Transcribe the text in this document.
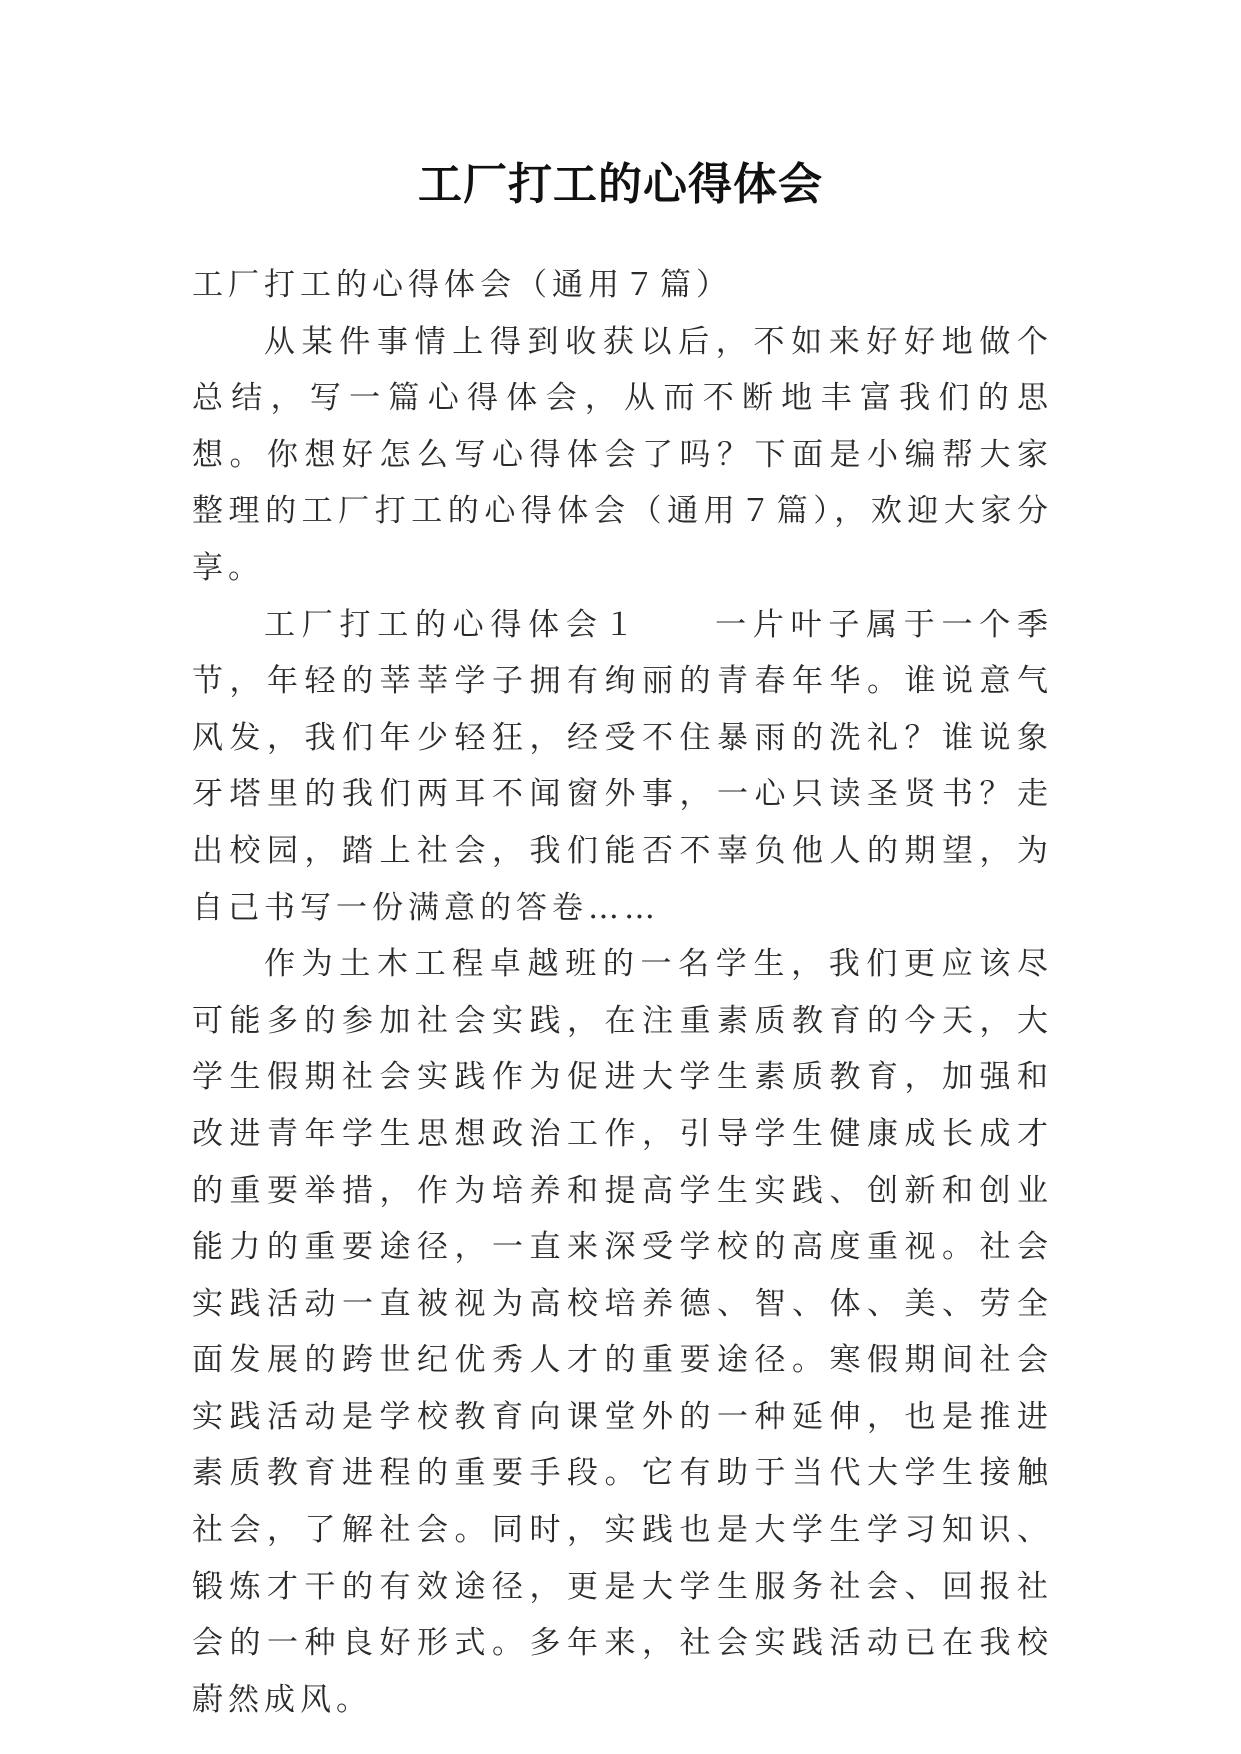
工厂打工的心得体会

工厂打工的心得体会（通用７篇）

从某件事情上得到收获以后，不如来好好地做个总结，写一篇心得体会，从而不断地丰富我们的思想。你想好怎么写心得体会了吗？下面是小编帮大家整理的工厂打工的心得体会（通用７篇），欢迎大家分享。

工厂打工的心得体会１ 一片叶子属于一个季节，年轻的莘莘学子拥有绚丽的青春年华。谁说意气风发，我们年少轻狂，经受不住暴雨的洗礼？谁说象牙塔里的我们两耳不闻窗外事，一心只读圣贤书？走出校园，踏上社会，我们能否不辜负他人的期望，为自己书写一份满意的答卷……

作为土木工程卓越班的一名学生，我们更应该尽可能多的参加社会实践，在注重素质教育的今天，大学生假期社会实践作为促进大学生素质教育，加强和改进青年学生思想政治工作，引导学生健康成长成才的重要举措，作为培养和提高学生实践、创新和创业能力的重要途径，一直来深受学校的高度重视。社会实践活动一直被视为高校培养德、智、体、美、劳全面发展的跨世纪优秀人才的重要途径。寒假期间社会实践活动是学校教育向课堂外的一种延伸，也是推进素质教育进程的重要手段。它有助于当代大学生接触社会，了解社会。同时，实践也是大学生学习知识、锻炼才干的有效途径，更是大学生服务社会、回报社会的一种良好形式。多年来，社会实践活动已在我校蔚然成风。
